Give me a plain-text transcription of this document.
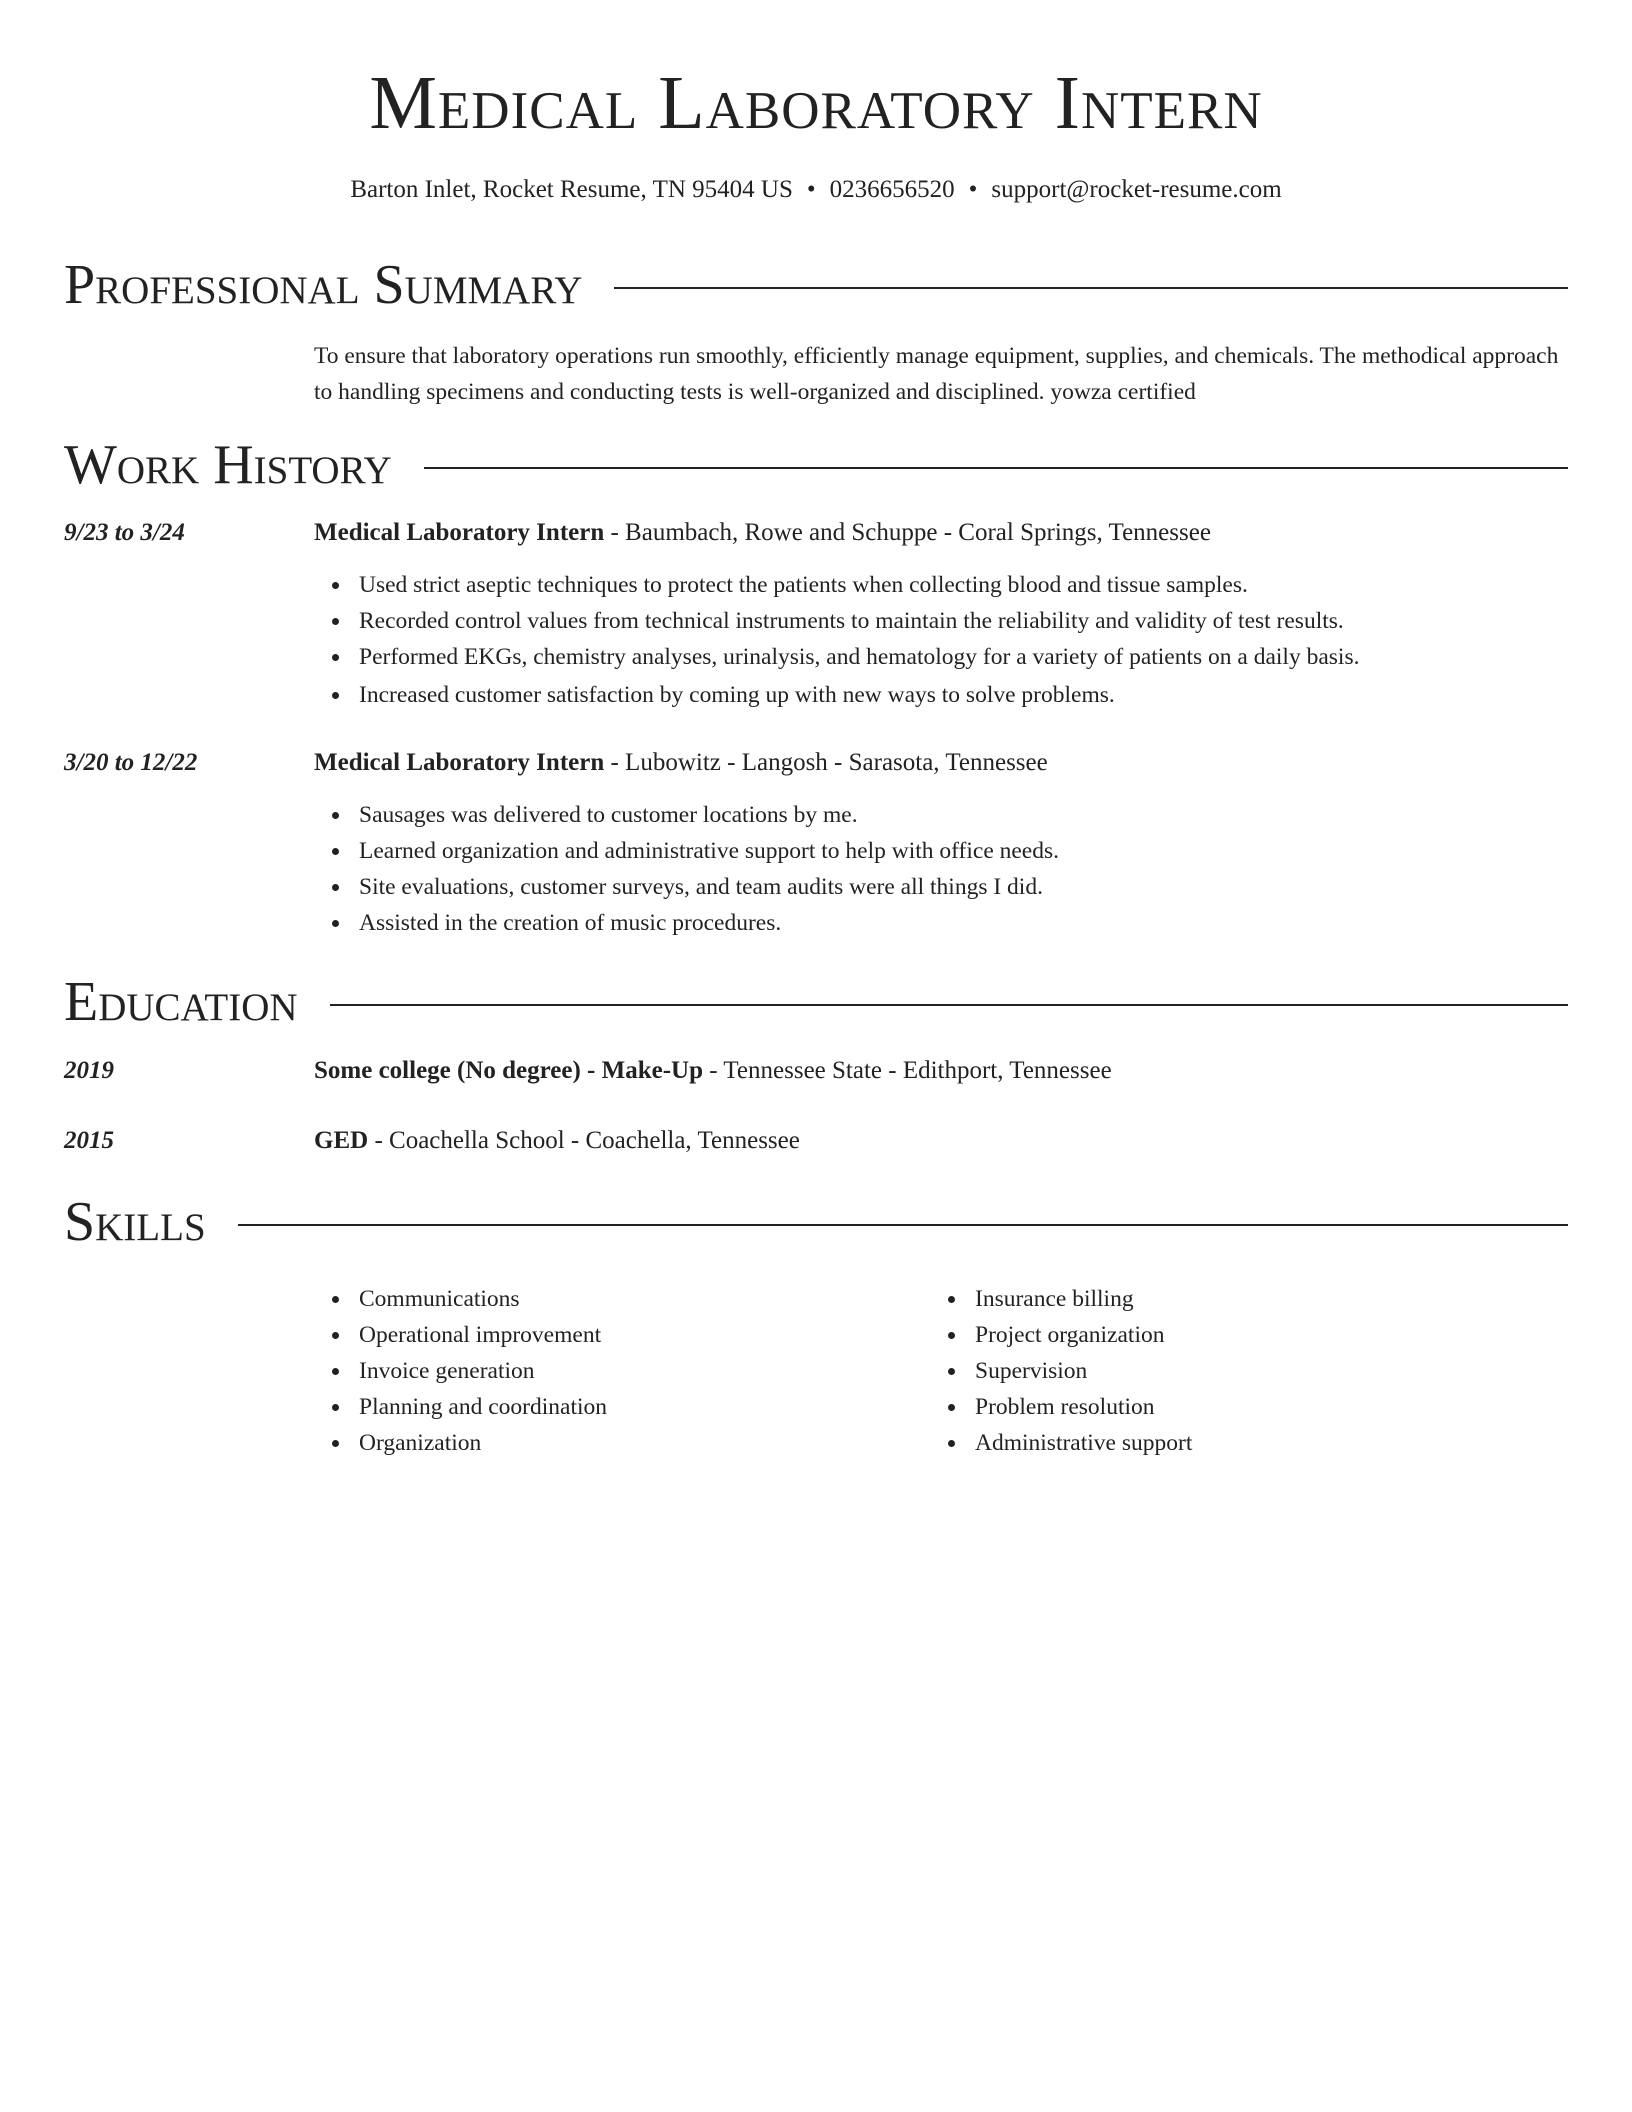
Medical Laboratory Intern
Barton Inlet, Rocket Resume, TN 95404 US • 0236656520 • support@rocket-resume.com
Professional Summary
To ensure that laboratory operations run smoothly, efficiently manage equipment, supplies, and chemicals. The methodical approach to handling specimens and conducting tests is well-organized and disciplined. yowza certified
Work History
9/23 to 3/24	Medical Laboratory Intern - Baumbach, Rowe and Schuppe - Coral Springs, Tennessee
Used strict aseptic techniques to protect the patients when collecting blood and tissue samples.
Recorded control values from technical instruments to maintain the reliability and validity of test results.
Performed EKGs, chemistry analyses, urinalysis, and hematology for a variety of patients on a daily basis.
Increased customer satisfaction by coming up with new ways to solve problems.
3/20 to 12/22	Medical Laboratory Intern - Lubowitz - Langosh - Sarasota, Tennessee
Sausages was delivered to customer locations by me.
Learned organization and administrative support to help with office needs.
Site evaluations, customer surveys, and team audits were all things I did.
Assisted in the creation of music procedures.
Education
2019	Some college (No degree) - Make-Up - Tennessee State - Edithport, Tennessee
2015	GED - Coachella School - Coachella, Tennessee
Skills
Communications
Operational improvement
Invoice generation
Planning and coordination
Organization
Insurance billing
Project organization
Supervision
Problem resolution
Administrative support
